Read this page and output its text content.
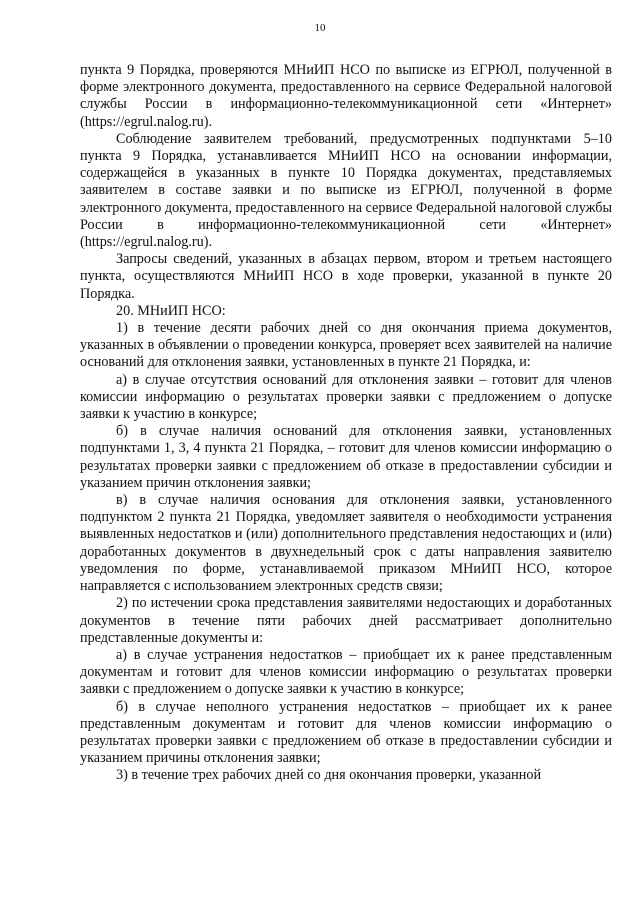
10

пункта 9 Порядка, проверяются МНиИП НСО по выписке из ЕГРЮЛ, полученной в форме электронного документа, предоставленного на сервисе Федеральной налоговой службы России в информационно-телекоммуникационной сети «Интернет» (https://egrul.nalog.ru).

Соблюдение заявителем требований, предусмотренных подпунктами 5–10 пункта 9 Порядка, устанавливается МНиИП НСО на основании информации, содержащейся в указанных в пункте 10 Порядка документах, представляемых заявителем в составе заявки и по выписке из ЕГРЮЛ, полученной в форме электронного документа, предоставленного на сервисе Федеральной налоговой службы России в информационно-телекоммуникационной сети «Интернет» (https://egrul.nalog.ru).

Запросы сведений, указанных в абзацах первом, втором и третьем настоящего пункта, осуществляются МНиИП НСО в ходе проверки, указанной в пункте 20 Порядка.

20. МНиИП НСО:

1) в течение десяти рабочих дней со дня окончания приема документов, указанных в объявлении о проведении конкурса, проверяет всех заявителей на наличие оснований для отклонения заявки, установленных в пункте 21 Порядка, и:

а) в случае отсутствия оснований для отклонения заявки – готовит для членов комиссии информацию о результатах проверки заявки с предложением о допуске заявки к участию в конкурсе;

б) в случае наличия оснований для отклонения заявки, установленных подпунктами 1, 3, 4 пункта 21 Порядка, – готовит для членов комиссии информацию о результатах проверки заявки с предложением об отказе в предоставлении субсидии и указанием причин отклонения заявки;

в) в случае наличия основания для отклонения заявки, установленного подпунктом 2 пункта 21 Порядка, уведомляет заявителя о необходимости устранения выявленных недостатков и (или) дополнительного представления недостающих и (или) доработанных документов в двухнедельный срок с даты направления заявителю уведомления по форме, устанавливаемой приказом МНиИП НСО, которое направляется с использованием электронных средств связи;

2) по истечении срока представления заявителями недостающих и доработанных документов в течение пяти рабочих дней рассматривает дополнительно представленные документы и:

а) в случае устранения недостатков – приобщает их к ранее представленным документам и готовит для членов комиссии информацию о результатах проверки заявки с предложением о допуске заявки к участию в конкурсе;

б) в случае неполного устранения недостатков – приобщает их к ранее представленным документам и готовит для членов комиссии информацию о результатах проверки заявки с предложением об отказе в предоставлении субсидии и указанием причины отклонения заявки;

3) в течение трех рабочих дней со дня окончания проверки, указанной
